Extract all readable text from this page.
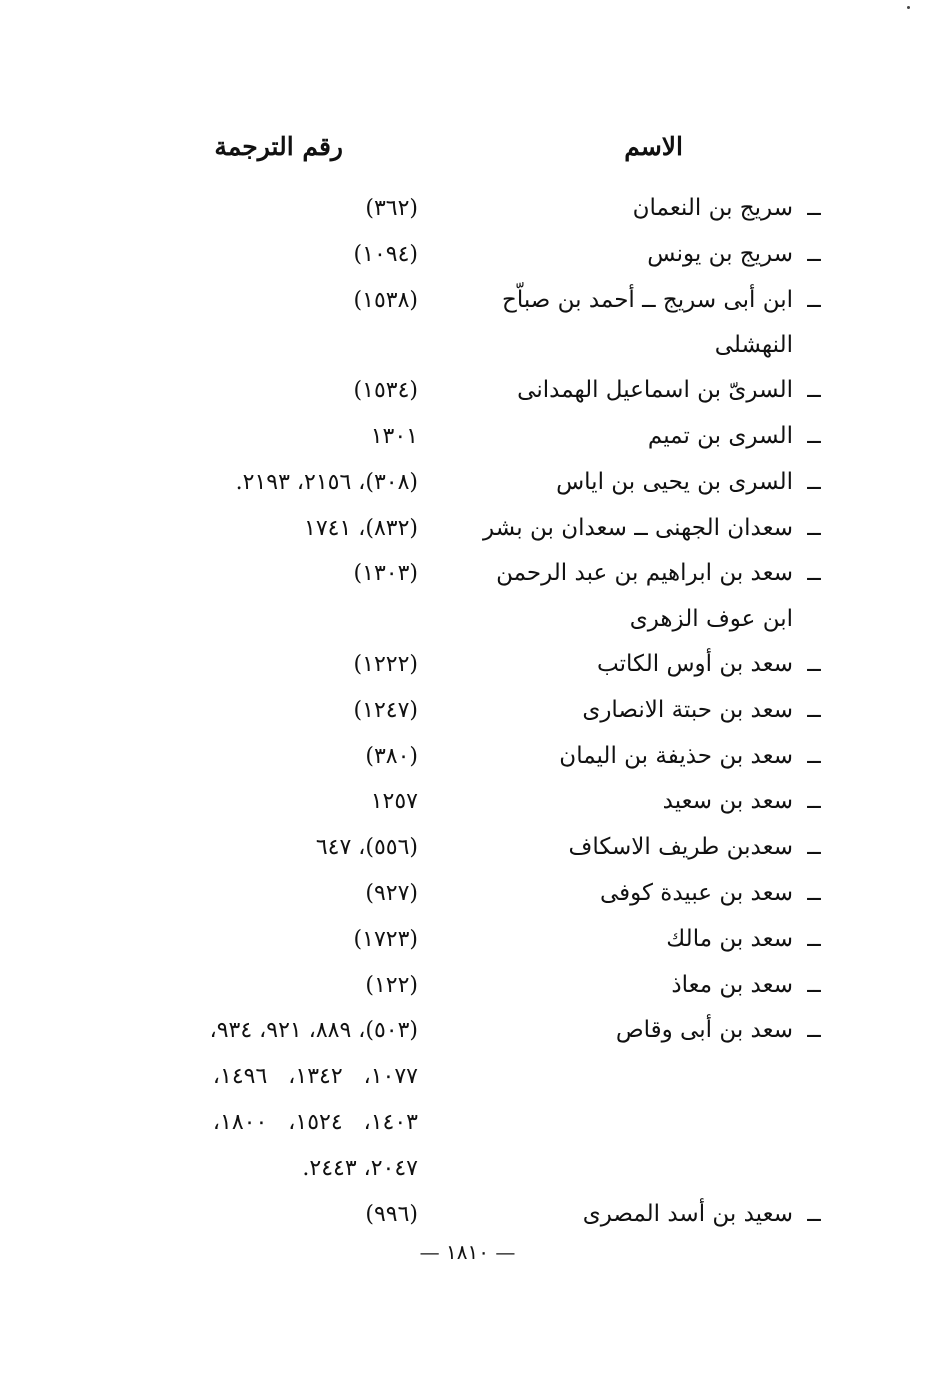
الاسم
رقم الترجمة
ــ
سريج بن النعمان
(٣٦٢)
ــ
سريج بن يونس
(١٠٩٤)
ــ
ابن أبى سريج ــ أحمد بن صباّح
(١٥٣٨)
النهشلى
ــ
السرىّ بن اسماعيل الهمدانى
(١٥٣٤)
ــ
السرى بن تميم
١٣٠١
ــ
السرى بن يحيى بن اياس
(٣٠٨)، ٢١٥٦، ٢١٩٣.
ــ
سعدان الجهنى ــ سعدان بن بشر
(٨٣٢)، ١٧٤١
ــ
سعد بن ابراهيم بن عبد الرحمن
(١٣٠٣)
ابن عوف الزهرى
ــ
سعد بن أوس الكاتب
(١٢٢٢)
ــ
سعد بن حبتة الانصارى
(١٢٤٧)
ــ
سعد بن حذيفة بن اليمان
(٣٨٠)
ــ
سعد بن سعيد
١٢٥٧
ــ
سعدبن طريف الاسكاف
(٥٥٦)، ٦٤٧
ــ
سعد بن عبيدة كوفى
(٩٢٧)
ــ
سعد بن مالك
(١٧٢٣)
ــ
سعد بن معاذ
(١٢٢)
ــ
سعد بن أبى وقاص
(٥٠٣)، ٨٨٩، ٩٢١، ٩٣٤،
١٠٧٧،   ١٣٤٢،   ١٤٩٦،
١٤٠٣،   ١٥٢٤،   ١٨٠٠،
٢٠٤٧، ٢٤٤٣.
ــ
سعيد بن أسد المصرى
(٩٩٦)
— ١٨١٠ —
